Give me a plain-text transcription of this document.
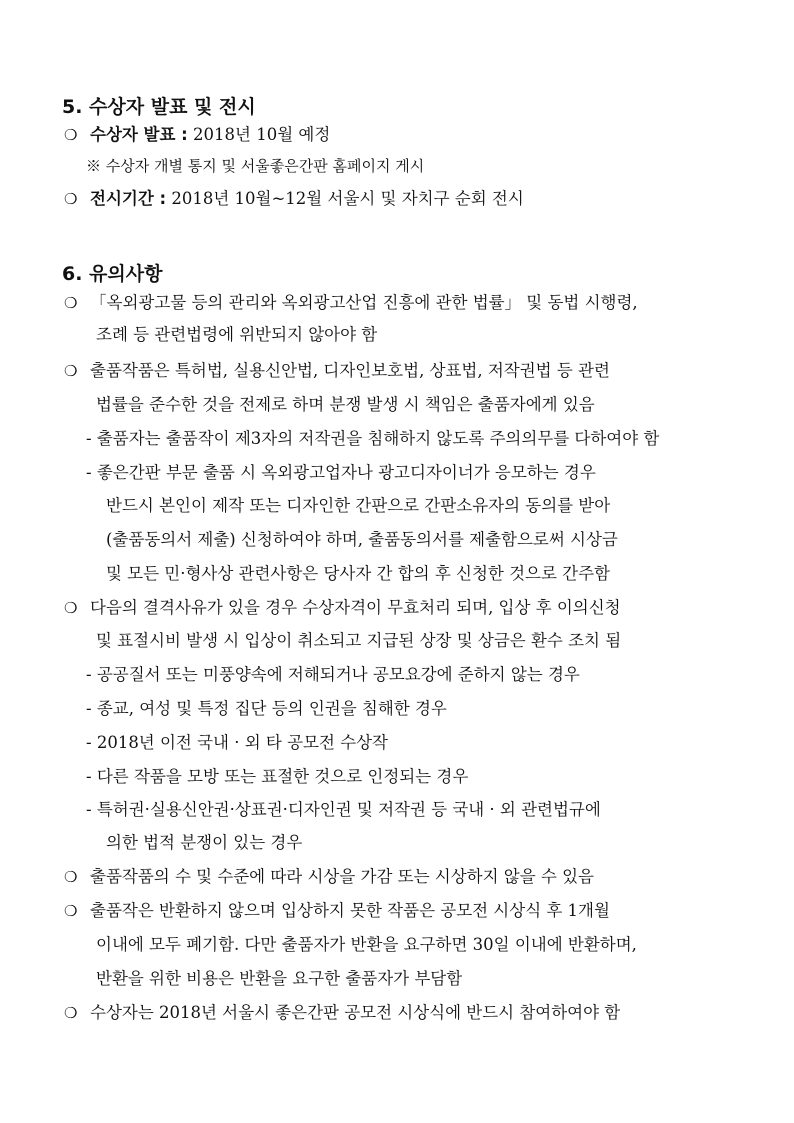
5. 수상자 발표 및 전시
❍ 수상자 발표 : 2018년 10월 예정
※ 수상자 개별 통지 및 서울좋은간판 홈페이지 게시
❍ 전시기간 : 2018년 10월~12월 서울시 및 자치구 순회 전시
6. 유의사항
❍ 「옥외광고물 등의 관리와 옥외광고산업 진흥에 관한 법률」 및 동법 시행령,
조례 등 관련법령에 위반되지 않아야 함
❍ 출품작품은 특허법, 실용신안법, 디자인보호법, 상표법, 저작권법 등 관련
법률을 준수한 것을 전제로 하며 분쟁 발생 시 책임은 출품자에게 있음
- 출품자는 출품작이 제3자의 저작권을 침해하지 않도록 주의의무를 다하여야 함
- 좋은간판 부문 출품 시 옥외광고업자나 광고디자이너가 응모하는 경우
반드시 본인이 제작 또는 디자인한 간판으로 간판소유자의 동의를 받아
(출품동의서 제출) 신청하여야 하며, 출품동의서를 제출함으로써 시상금
및 모든 민·형사상 관련사항은 당사자 간 합의 후 신청한 것으로 간주함
❍ 다음의 결격사유가 있을 경우 수상자격이 무효처리 되며, 입상 후 이의신청
및 표절시비 발생 시 입상이 취소되고 지급된 상장 및 상금은 환수 조치 됨
- 공공질서 또는 미풍양속에 저해되거나 공모요강에 준하지 않는 경우
- 종교, 여성 및 특정 집단 등의 인권을 침해한 경우
- 2018년 이전 국내 · 외 타 공모전 수상작
- 다른 작품을 모방 또는 표절한 것으로 인정되는 경우
- 특허권·실용신안권·상표권·디자인권 및 저작권 등 국내 · 외 관련법규에
의한 법적 분쟁이 있는 경우
❍ 출품작품의 수 및 수준에 따라 시상을 가감 또는 시상하지 않을 수 있음
❍ 출품작은 반환하지 않으며 입상하지 못한 작품은 공모전 시상식 후 1개월
이내에 모두 폐기함. 다만 출품자가 반환을 요구하면 30일 이내에 반환하며,
반환을 위한 비용은 반환을 요구한 출품자가 부담함
❍ 수상자는 2018년 서울시 좋은간판 공모전 시상식에 반드시 참여하여야 함
